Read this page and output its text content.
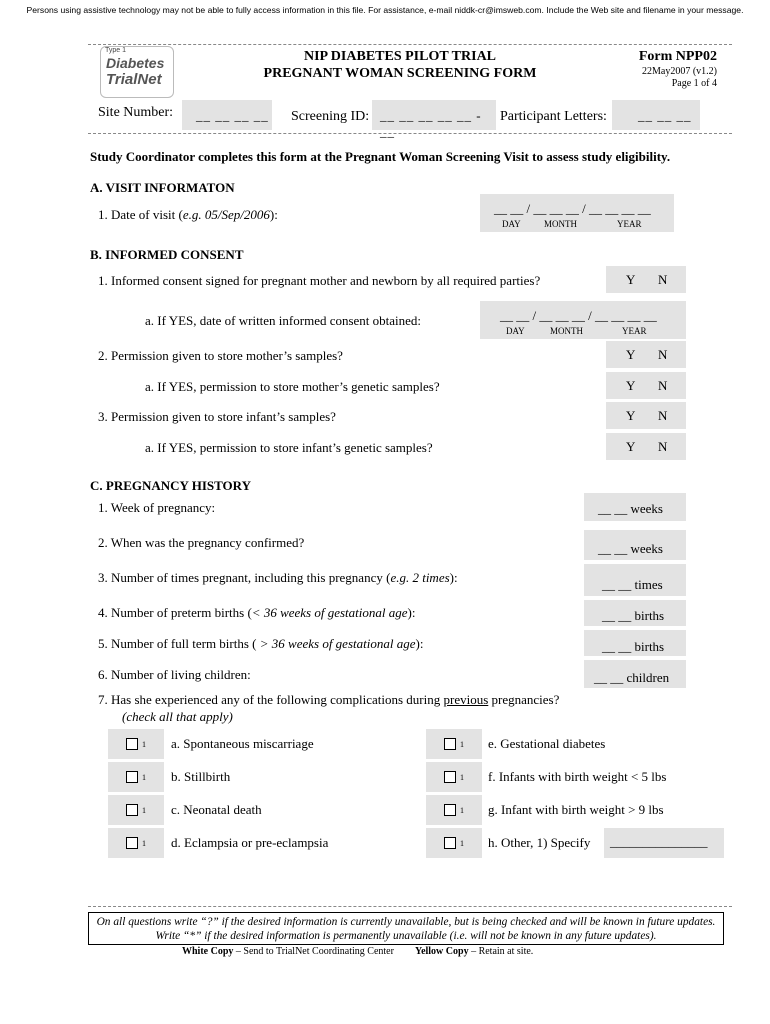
Persons using assistive technology may not be able to fully access information in this file. For assistance, e-mail niddk-cr@imsweb.com. Include the Web site and filename in your message.
Type 1
Diabetes
TrialNet
NIP DIABETES PILOT TRIAL
PREGNANT WOMAN SCREENING FORM
Form NPP02
22May2007 (v1.2)
Page 1 of 4
Site Number: __ __ __ __ Screening ID: __ __ __ __ __ - __
Participant Letters: __ __ __
Study Coordinator completes this form at the Pregnant Woman Screening Visit to assess study eligibility.
A. VISIT INFORMATON
1. Date of visit (e.g. 05/Sep/2006):	__ __ / __ __ __ / __ __ __ __
DAY	MONTH	YEAR
B. INFORMED CONSENT
1. Informed consent signed for pregnant mother and newborn by all required parties?	Y N
a. If YES, date of written informed consent obtained:	__ __ / __ __ __ / __ __ __ __
DAY	MONTH	YEAR
2. Permission given to store mother’s samples?	Y N
a. If YES, permission to store mother’s genetic samples?	Y N
3. Permission given to store infant’s samples?	Y N
a. If YES, permission to store infant’s genetic samples?	Y N
C. PREGNANCY HISTORY
1. Week of pregnancy:	__ __ weeks
2. When was the pregnancy confirmed?	__ __ weeks
3. Number of times pregnant, including this pregnancy (e.g. 2 times):	__ __ times
4. Number of preterm births (< 36 weeks of gestational age):	__ __ births
5. Number of full term births ( > 36 weeks of gestational age):	__ __ births
6. Number of living children:	__ __ children
7. Has she experienced any of the following complications during previous pregnancies?
(check all that apply)
1 a. Spontaneous miscarriage
1 b. Stillbirth
1 c. Neonatal death
1 d. Eclampsia or pre-eclampsia
1 e. Gestational diabetes
1 f. Infants with birth weight < 5 lbs
1 g. Infant with birth weight > 9 lbs
1 h. Other, 1) Specify _______________
On all questions write “?” if the desired information is currently unavailable, but is being checked and will be known in future updates.
Write “*” if the desired information is permanently unavailable (i.e. will not be known in any future updates).
White Copy – Send to TrialNet Coordinating Center Yellow Copy – Retain at site.
